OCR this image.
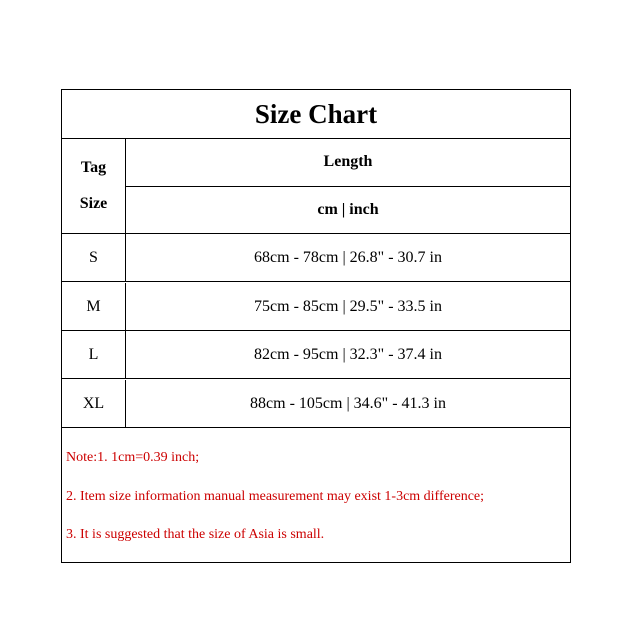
Size Chart
Tag
Size
Length
cm | inch
S	68cm - 78cm | 26.8" - 30.7 in
M	75cm - 85cm | 29.5" - 33.5 in
L	82cm - 95cm | 32.3" - 37.4 in
XL	88cm - 105cm | 34.6" - 41.3 in
Note:1. 1cm=0.39 inch;
2. Item size information manual measurement may exist 1-3cm difference;
3. It is suggested that the size of Asia is small.
